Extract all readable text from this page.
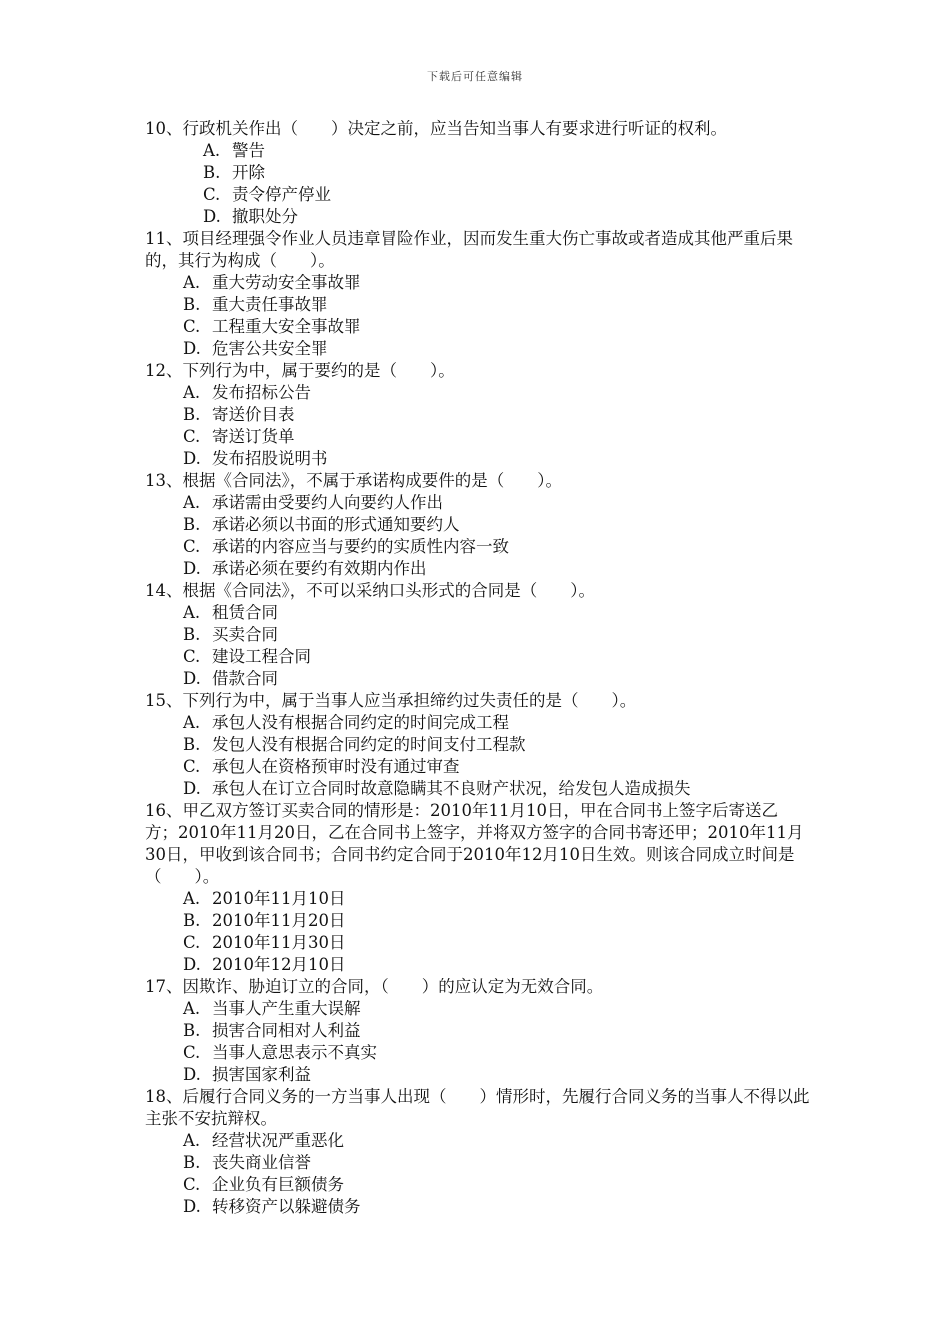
下载后可任意编辑

10、行政机关作出（　　）决定之前，应当告知当事人有要求进行听证的权利。

A. 警告
B. 开除
C. 责令停产停业
D. 撤职处分

11、项目经理强令作业人员违章冒险作业，因而发生重大伤亡事故或者造成其他严重后果的，其行为构成（　　）。

A. 重大劳动安全事故罪
B. 重大责任事故罪
C. 工程重大安全事故罪
D. 危害公共安全罪

12、下列行为中，属于要约的是（　　）。

A. 发布招标公告
B. 寄送价目表
C. 寄送订货单
D. 发布招股说明书

13、根据《合同法》，不属于承诺构成要件的是（　　）。

A. 承诺需由受要约人向要约人作出
B. 承诺必须以书面的形式通知要约人
C. 承诺的内容应当与要约的实质性内容一致
D. 承诺必须在要约有效期内作出

14、根据《合同法》，不可以采纳口头形式的合同是（　　）。

A. 租赁合同
B. 买卖合同
C. 建设工程合同
D. 借款合同

15、下列行为中，属于当事人应当承担缔约过失责任的是（　　）。

A. 承包人没有根据合同约定的时间完成工程
B. 发包人没有根据合同约定的时间支付工程款
C. 承包人在资格预审时没有通过审查
D. 承包人在订立合同时故意隐瞒其不良财产状况，给发包人造成损失

16、甲乙双方签订买卖合同的情形是：2010年11月10日，甲在合同书上签字后寄送乙方；2010年11月20日，乙在合同书上签字，并将双方签字的合同书寄还甲；2010年11月30日，甲收到该合同书；合同书约定合同于2010年12月10日生效。则该合同成立时间是（　　）。

A. 2010年11月10日
B. 2010年11月20日
C. 2010年11月30日
D. 2010年12月10日

17、因欺诈、胁迫订立的合同，（　　）的应认定为无效合同。

A. 当事人产生重大误解
B. 损害合同相对人利益
C. 当事人意思表示不真实
D. 损害国家利益

18、后履行合同义务的一方当事人出现（　　）情形时，先履行合同义务的当事人不得以此主张不安抗辩权。

A. 经营状况严重恶化
B. 丧失商业信誉
C. 企业负有巨额债务
D. 转移资产以躲避债务
